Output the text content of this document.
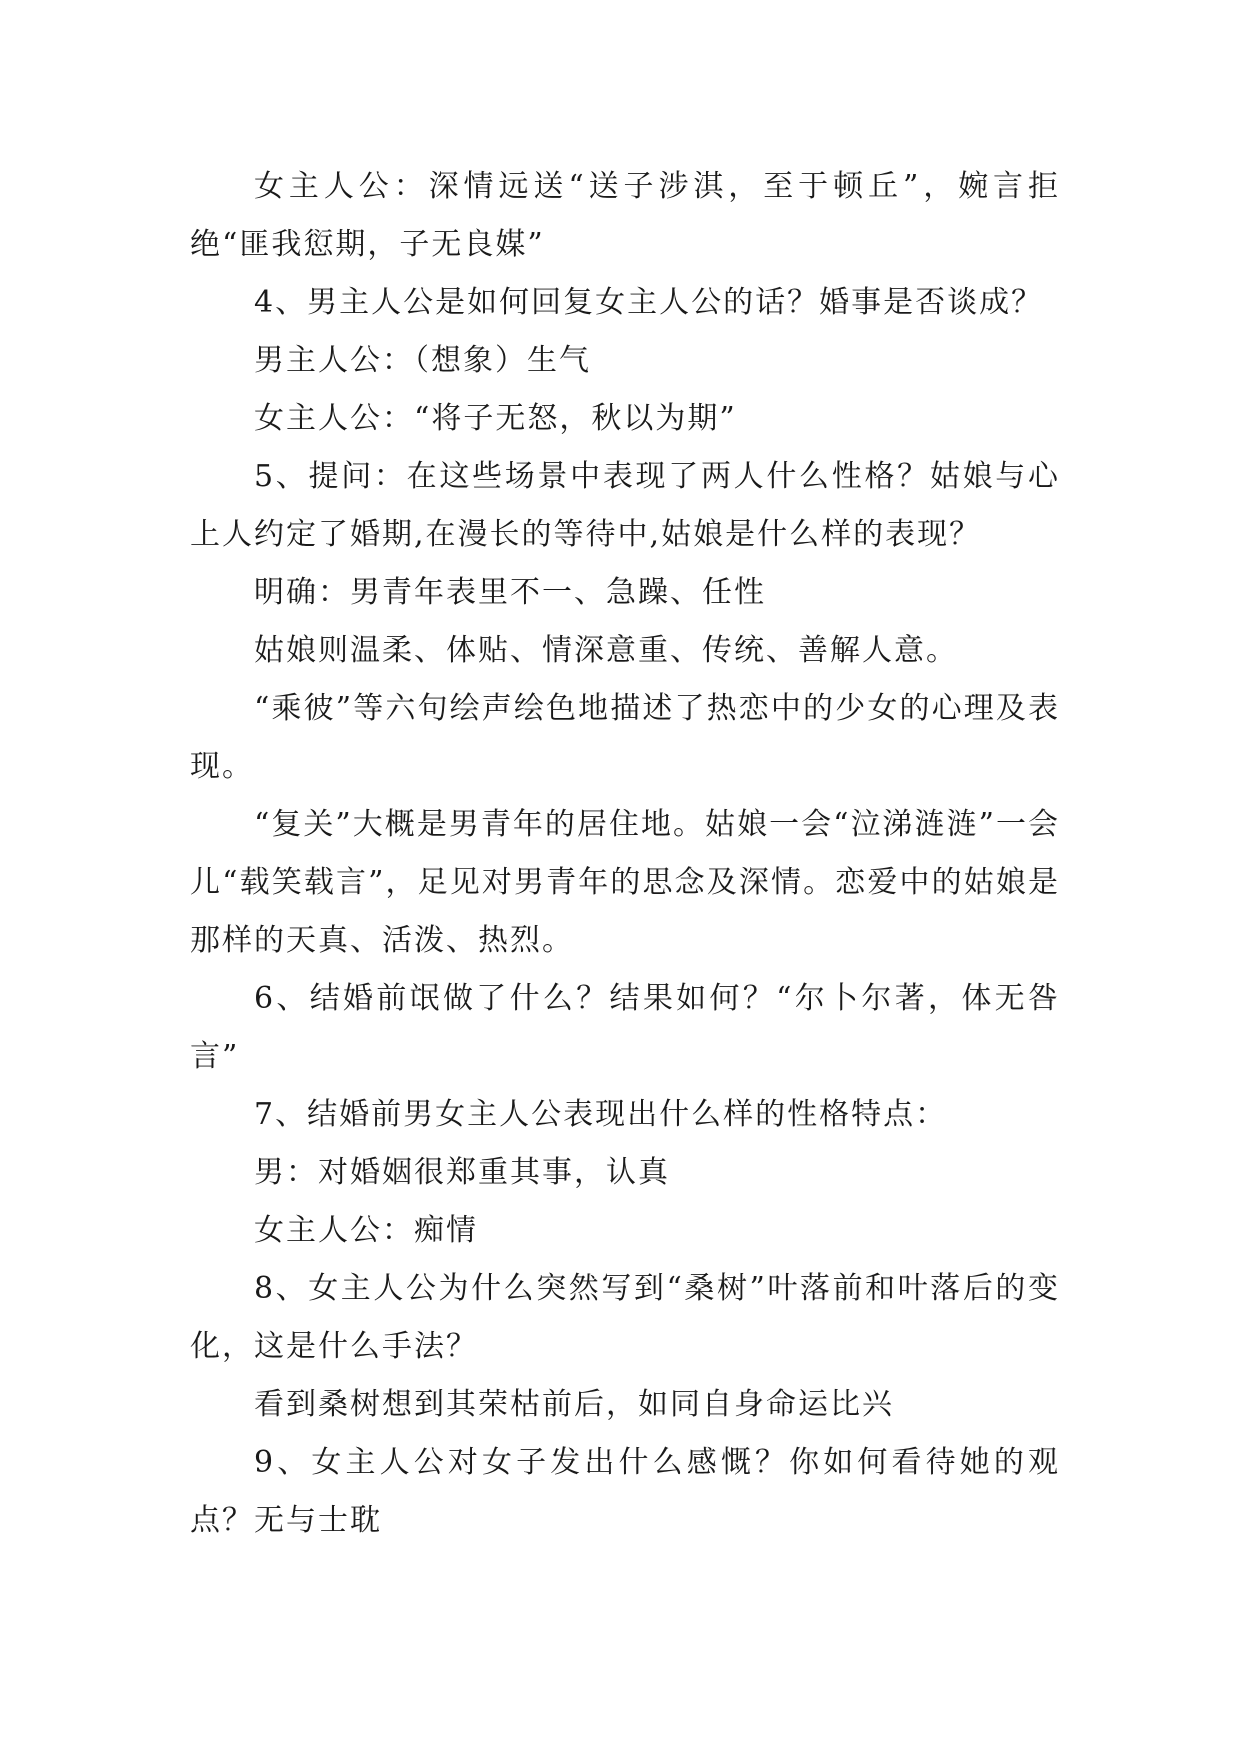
女主人公：深情远送“送子涉淇，至于顿丘”，婉言拒绝“匪我愆期，子无良媒”

4、男主人公是如何回复女主人公的话？婚事是否谈成？

男主人公：（想象）生气

女主人公：“将子无怒，秋以为期”

5、提问：在这些场景中表现了两人什么性格？姑娘与心上人约定了婚期,在漫长的等待中,姑娘是什么样的表现？

明确：男青年表里不一、急躁、任性

姑娘则温柔、体贴、情深意重、传统、善解人意。

“乘彼”等六句绘声绘色地描述了热恋中的少女的心理及表现。

“复关”大概是男青年的居住地。姑娘一会“泣涕涟涟”一会儿“载笑载言”，足见对男青年的思念及深情。恋爱中的姑娘是那样的天真、活泼、热烈。

6、结婚前氓做了什么？结果如何？“尔卜尔著，体无咎言”

7、结婚前男女主人公表现出什么样的性格特点：

男：对婚姻很郑重其事，认真

女主人公：痴情

8、女主人公为什么突然写到“桑树”叶落前和叶落后的变化，这是什么手法？

看到桑树想到其荣枯前后，如同自身命运比兴

9、女主人公对女子发出什么感慨？你如何看待她的观点？无与士耽
